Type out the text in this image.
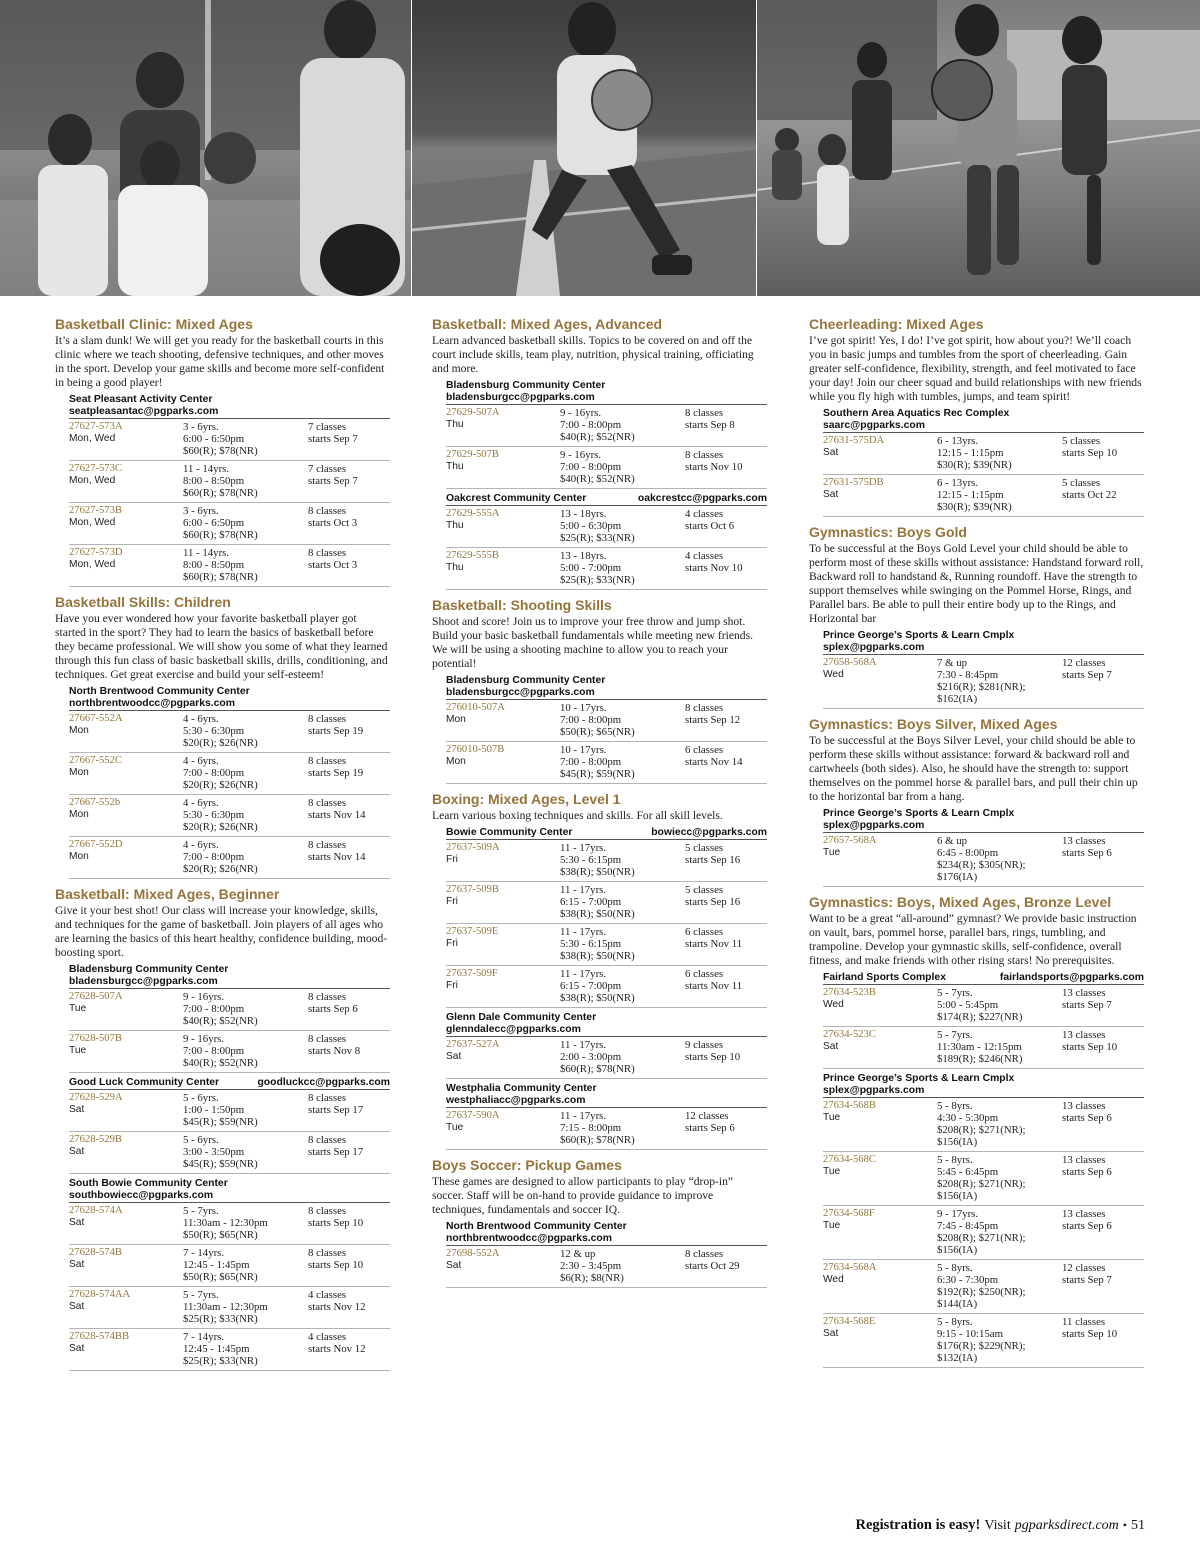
Basketball Clinic: Mixed Ages
It’s a slam dunk! We will get you ready for the basketball courts in this clinic where we teach shooting, defensive techniques, and other moves in the sport. Develop your game skills and become more self-confident in being a good player!
Seat Pleasant Activity Center
seatpleasantac@pgparks.com
27627-573A	3 - 6yrs.	7 classes
Mon, Wed	6:00 - 6:50pm	starts Sep 7
$60(R); $78(NR)
27627-573C	11 - 14yrs.	7 classes
Mon, Wed	8:00 - 8:50pm	starts Sep 7
$60(R); $78(NR)
27627-573B	3 - 6yrs.	8 classes
Mon, Wed	6:00 - 6:50pm	starts Oct 3
$60(R); $78(NR)
27627-573D	11 - 14yrs.	8 classes
Mon, Wed	8:00 - 8:50pm	starts Oct 3
$60(R); $78(NR)
Basketball Skills: Children
Have you ever wondered how your favorite basketball player got started in the sport? They had to learn the basics of basketball before they became professional. We will show you some of what they learned through this fun class of basic basketball skills, drills, conditioning, and techniques. Get great exercise and build your self-esteem!
North Brentwood Community Center
northbrentwoodcc@pgparks.com
27667-552A	4 - 6yrs.	8 classes
Mon	5:30 - 6:30pm	starts Sep 19
$20(R); $26(NR)
27667-552C	4 - 6yrs.	8 classes
Mon	7:00 - 8:00pm	starts Sep 19
$20(R); $26(NR)
27667-552b	4 - 6yrs.	8 classes
Mon	5:30 - 6:30pm	starts Nov 14
$20(R); $26(NR)
27667-552D	4 - 6yrs.	8 classes
Mon	7:00 - 8:00pm	starts Nov 14
$20(R); $26(NR)
Basketball: Mixed Ages, Beginner
Give it your best shot! Our class will increase your knowledge, skills, and techniques for the game of basketball. Join players of all ages who are learning the basics of this heart healthy, confidence building, mood-boosting sport.
Bladensburg Community Center
bladensburgcc@pgparks.com
27628-507A	9 - 16yrs.	8 classes
Tue	7:00 - 8:00pm	starts Sep 6
$40(R); $52(NR)
27628-507B	9 - 16yrs.	8 classes
Tue	7:00 - 8:00pm	starts Nov 8
$40(R); $52(NR)
Good Luck Community Center	goodluckcc@pgparks.com
27628-529A	5 - 6yrs.	8 classes
Sat	1:00 - 1:50pm	starts Sep 17
$45(R); $59(NR)
27628-529B	5 - 6yrs.	8 classes
Sat	3:00 - 3:50pm	starts Sep 17
$45(R); $59(NR)
South Bowie Community Center
southbowiecc@pgparks.com
27628-574A	5 - 7yrs.	8 classes
Sat	11:30am - 12:30pm	starts Sep 10
$50(R); $65(NR)
27628-574B	7 - 14yrs.	8 classes
Sat	12:45 - 1:45pm	starts Sep 10
$50(R); $65(NR)
27628-574AA	5 - 7yrs.	4 classes
Sat	11:30am - 12:30pm	starts Nov 12
$25(R); $33(NR)
27628-574BB	7 - 14yrs.	4 classes
Sat	12:45 - 1:45pm	starts Nov 12
$25(R); $33(NR)
Basketball: Mixed Ages, Advanced
Learn advanced basketball skills. Topics to be covered on and off the court include skills, team play, nutrition, physical training, officiating and more.
Bladensburg Community Center
bladensburgcc@pgparks.com
27629-507A	9 - 16yrs.	8 classes
Thu	7:00 - 8:00pm	starts Sep 8
$40(R); $52(NR)
27629-507B	9 - 16yrs.	8 classes
Thu	7:00 - 8:00pm	starts Nov 10
$40(R); $52(NR)
Oakcrest Community Center	oakcrestcc@pgparks.com
27629-555A	13 - 18yrs.	4 classes
Thu	5:00 - 6:30pm	starts Oct 6
$25(R); $33(NR)
27629-555B	13 - 18yrs.	4 classes
Thu	5:00 - 7:00pm	starts Nov 10
$25(R); $33(NR)
Basketball: Shooting Skills
Shoot and score! Join us to improve your free throw and jump shot. Build your basic basketball fundamentals while meeting new friends. We will be using a shooting machine to allow you to reach your potential!
Bladensburg Community Center
bladensburgcc@pgparks.com
276010-507A	10 - 17yrs.	8 classes
Mon	7:00 - 8:00pm	starts Sep 12
$50(R); $65(NR)
276010-507B	10 - 17yrs.	6 classes
Mon	7:00 - 8:00pm	starts Nov 14
$45(R); $59(NR)
Boxing: Mixed Ages, Level 1
Learn various boxing techniques and skills. For all skill levels.
Bowie Community Center	bowiecc@pgparks.com
27637-509A	11 - 17yrs.	5 classes
Fri	5:30 - 6:15pm	starts Sep 16
$38(R); $50(NR)
27637-509B	11 - 17yrs.	5 classes
Fri	6:15 - 7:00pm	starts Sep 16
$38(R); $50(NR)
27637-509E	11 - 17yrs.	6 classes
Fri	5:30 - 6:15pm	starts Nov 11
$38(R); $50(NR)
27637-509F	11 - 17yrs.	6 classes
Fri	6:15 - 7:00pm	starts Nov 11
$38(R); $50(NR)
Glenn Dale Community Center
glenndalecc@pgparks.com
27637-527A	11 - 17yrs.	9 classes
Sat	2:00 - 3:00pm	starts Sep 10
$60(R); $78(NR)
Westphalia Community Center
westphaliacc@pgparks.com
27637-590A	11 - 17yrs.	12 classes
Tue	7:15 - 8:00pm	starts Sep 6
$60(R); $78(NR)
Boys Soccer: Pickup Games
These games are designed to allow participants to play “drop-in” soccer. Staff will be on-hand to provide guidance to improve techniques, fundamentals and soccer IQ.
North Brentwood Community Center
northbrentwoodcc@pgparks.com
27698-552A	12 & up	8 classes
Sat	2:30 - 3:45pm	starts Oct 29
$6(R); $8(NR)
Cheerleading: Mixed Ages
I’ve got spirit! Yes, I do! I’ve got spirit, how about you?! We’ll coach you in basic jumps and tumbles from the sport of cheerleading. Gain greater self-confidence, flexibility, strength, and feel motivated to face your day! Join our cheer squad and build relationships with new friends while you fly high with tumbles, jumps, and team spirit!
Southern Area Aquatics Rec Complex
saarc@pgparks.com
27631-575DA	6 - 13yrs.	5 classes
Sat	12:15 - 1:15pm	starts Sep 10
$30(R); $39(NR)
27631-575DB	6 - 13yrs.	5 classes
Sat	12:15 - 1:15pm	starts Oct 22
$30(R); $39(NR)
Gymnastics: Boys Gold
To be successful at the Boys Gold Level your child should be able to perform most of these skills without assistance: Handstand forward roll, Backward roll to handstand &, Running roundoff. Have the strength to support themselves while swinging on the Pommel Horse, Rings, and Parallel bars. Be able to pull their entire body up to the Rings, and Horizontal bar
Prince George’s Sports & Learn Cmplx
splex@pgparks.com
27658-568A	7 & up	12 classes
Wed	7:30 - 8:45pm	starts Sep 7
$216(R); $281(NR); $162(IA)
Gymnastics: Boys Silver, Mixed Ages
To be successful at the Boys Silver Level, your child should be able to perform these skills without assistance: forward & backward roll and cartwheels (both sides). Also, he should have the strength to: support themselves on the pommel horse & parallel bars, and pull their chin up to the horizontal bar from a hang.
Prince George’s Sports & Learn Cmplx
splex@pgparks.com
27657-568A	6 & up	13 classes
Tue	6:45 - 8:00pm	starts Sep 6
$234(R); $305(NR); $176(IA)
Gymnastics: Boys, Mixed Ages, Bronze Level
Want to be a great “all-around” gymnast? We provide basic instruction on vault, bars, pommel horse, parallel bars, rings, tumbling, and trampoline. Develop your gymnastic skills, self-confidence, overall fitness, and make friends with other rising stars! No prerequisites.
Fairland Sports Complex	fairlandsports@pgparks.com
27634-523B	5 - 7yrs.	13 classes
Wed	5:00 - 5:45pm	starts Sep 7
$174(R); $227(NR)
27634-523C	5 - 7yrs.	13 classes
Sat	11:30am - 12:15pm	starts Sep 10
$189(R); $246(NR)
Prince George’s Sports & Learn Cmplx
splex@pgparks.com
27634-568B	5 - 8yrs.	13 classes
Tue	4:30 - 5:30pm	starts Sep 6
$208(R); $271(NR); $156(IA)
27634-568C	5 - 8yrs.	13 classes
Tue	5:45 - 6:45pm	starts Sep 6
$208(R); $271(NR); $156(IA)
27634-568F	9 - 17yrs.	13 classes
Tue	7:45 - 8:45pm	starts Sep 6
$208(R); $271(NR); $156(IA)
27634-568A	5 - 8yrs.	12 classes
Wed	6:30 - 7:30pm	starts Sep 7
$192(R); $250(NR); $144(IA)
27634-568E	5 - 8yrs.	11 classes
Sat	9:15 - 10:15am	starts Sep 10
$176(R); $229(NR); $132(IA)
Registration is easy! Visit pgparksdirect.com • 51
